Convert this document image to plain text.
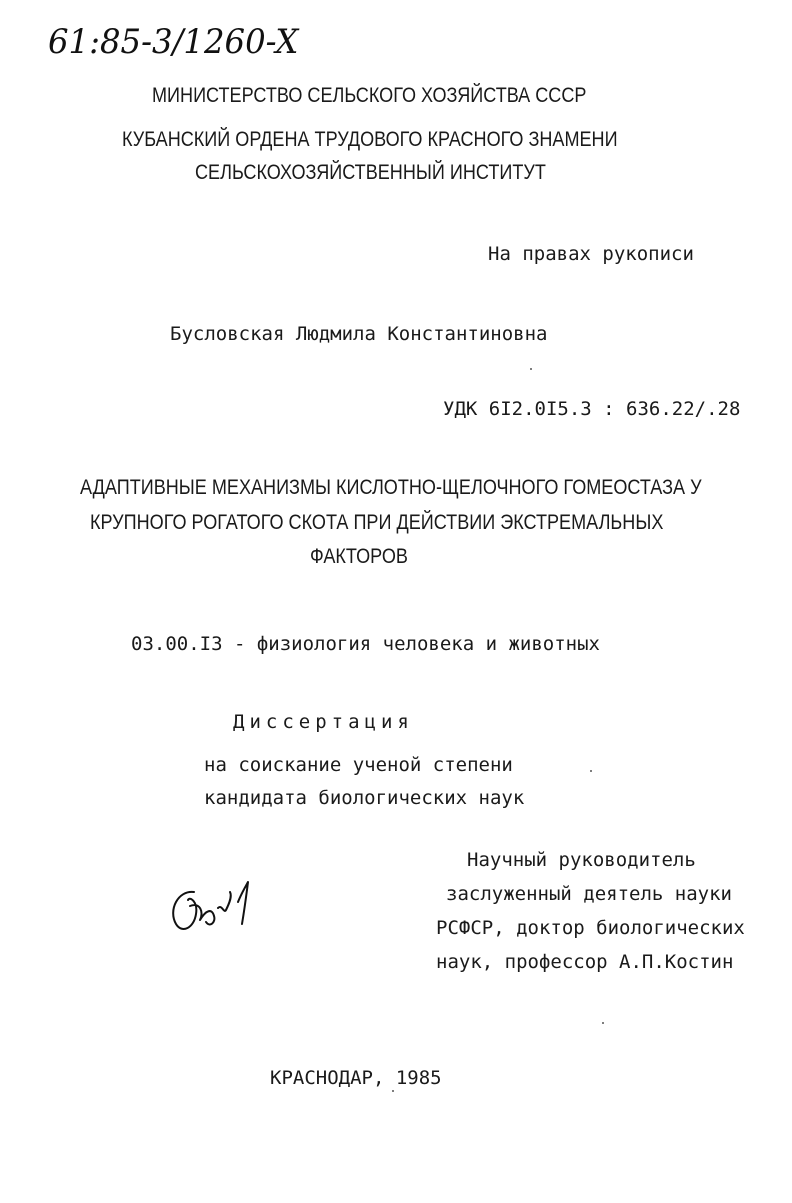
61:85-3/1260-X
МИНИСТЕРСТВО СЕЛЬСКОГО ХОЗЯЙСТВА СССР
КУБАНСКИЙ ОРДЕНА ТРУДОВОГО КРАСНОГО ЗНАМЕНИ
СЕЛЬСКОХОЗЯЙСТВЕННЫЙ ИНСТИТУТ
На правах рукописи
Бусловская Людмила Константиновна
УДК 6I2.0I5.3 : 636.22/.28
АДАПТИВНЫЕ МЕХАНИЗМЫ КИСЛОТНО-ЩЕЛОЧНОГО ГОМЕОСТАЗА У
КРУПНОГО РОГАТОГО СКОТА ПРИ ДЕЙСТВИИ ЭКСТРЕМАЛЬНЫХ
ФАКТОРОВ
03.00.I3 - физиология человека и животных
Диссертация
на соискание ученой степени
кандидата биологических наук
Научный руководитель
заслуженный деятель науки
РСФСР, доктор биологических
наук, профессор А.П.Костин
КРАСНОДАР, 1985
